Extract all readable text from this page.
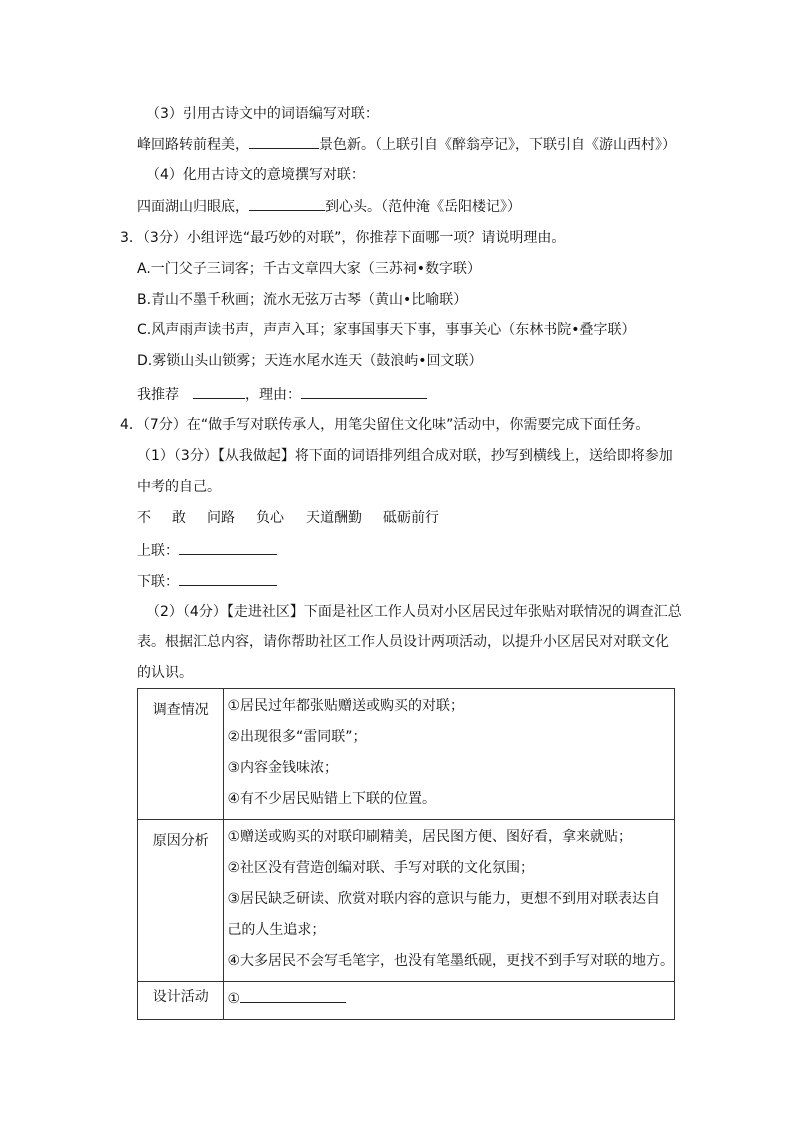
（3）引用古诗文中的词语编写对联：
峰回路转前程美，	景色新。（上联引自《醉翁亭记》，下联引自《游山西村》）
（4）化用古诗文的意境撰写对联：
四面湖山归眼底，	到心头。（范仲淹《岳阳楼记》）
3．（3分）小组评选“最巧妙的对联”，你推荐下面哪一项？请说明理由。
A.一门父子三词客；千古文章四大家（三苏祠•数字联）
B.青山不墨千秋画；流水无弦万古琴（黄山•比喻联）
C.风声雨声读书声，声声入耳；家事国事天下事，事事关心（东林书院•叠字联）
D.雾锁山头山锁雾；天连水尾水连天（鼓浪屿•回文联）
我推荐	，理由：
4．（7分）在“做手写对联传承人，用笔尖留住文化味”活动中，你需要完成下面任务。
（1）（3分）【从我做起】将下面的词语排列组合成对联，抄写到横线上，送给即将参加
中考的自己。
不 敢 问路 负心 天道酬勤 砥砺前行
上联：
下联：
（2）（4分）【走进社区】下面是社区工作人员对小区居民过年张贴对联情况的调查汇总
表。根据汇总内容，请你帮助社区工作人员设计两项活动，以提升小区居民对对联文化
的认识。
调查情况	①居民过年都张贴赠送或购买的对联；
②出现很多“雷同联”；
③内容金钱味浓；
④有不少居民贴错上下联的位置。

原因分析	①赠送或购买的对联印刷精美，居民图方便、图好看，拿来就贴；
②社区没有营造创编对联、手写对联的文化氛围；
③居民缺乏研读、欣赏对联内容的意识与能力，更想不到用对联表达自
己的人生追求；
④大多居民不会写毛笔字，也没有笔墨纸砚，更找不到手写对联的地方。

设计活动	①
